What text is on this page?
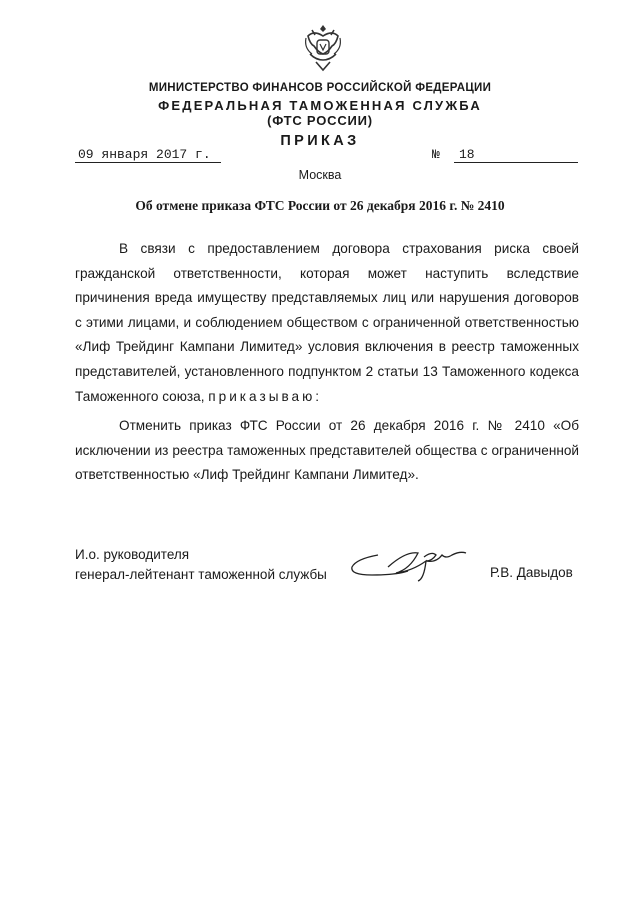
МИНИСТЕРСТВО ФИНАНСОВ РОССИЙСКОЙ ФЕДЕРАЦИИ
ФЕДЕРАЛЬНАЯ ТАМОЖЕННАЯ СЛУЖБА
(ФТС РОССИИ)
ПРИКАЗ
09 января 2017 г.	№ 18
Москва
Об отмене приказа ФТС России от 26 декабря 2016 г. № 2410
В связи с предоставлением договора страхования риска своей гражданской ответственности, которая может наступить вследствие причинения вреда имуществу представляемых лиц или нарушения договоров с этими лицами, и соблюдением обществом с ограниченной ответственностью «Лиф Трейдинг Кампани Лимитед» условия включения в реестр таможенных представителей, установленного подпунктом 2 статьи 13 Таможенного кодекса Таможенного союза, приказываю:
Отменить приказ ФТС России от 26 декабря 2016 г. № 2410 «Об исключении из реестра таможенных представителей общества с ограниченной ответственностью «Лиф Трейдинг Кампани Лимитед».
И.о. руководителя
генерал-лейтенант таможенной службы	Р.В. Давыдов
